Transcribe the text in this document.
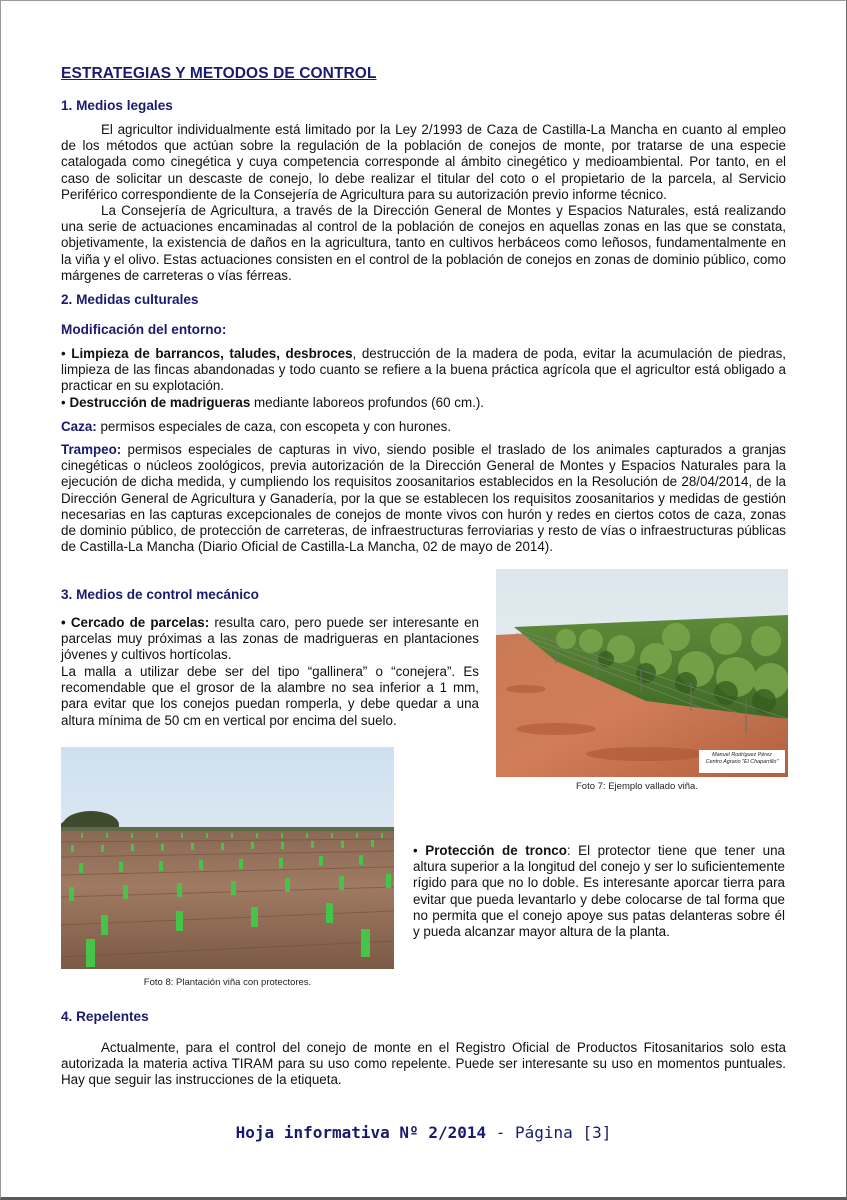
ESTRATEGIAS Y METODOS DE CONTROL
1. Medios legales
El agricultor individualmente está limitado por la Ley 2/1993 de Caza de Castilla-La Mancha en cuanto al empleo de los métodos que actúan sobre la regulación de la población de conejos de monte, por tratarse de una especie catalogada como cinegética y cuya competencia corresponde al ámbito cinegético y medioambiental. Por tanto, en el caso de solicitar un descaste de conejo, lo debe realizar el titular del coto o el propietario de la parcela, al Servicio Periférico correspondiente de la Consejería de Agricultura para su autorización previo informe técnico.
La Consejería de Agricultura, a través de la Dirección General de Montes y Espacios Naturales, está realizando una serie de actuaciones encaminadas al control de la población de conejos en aquellas zonas en las que se constata, objetivamente, la existencia de daños en la agricultura, tanto en cultivos herbáceos como leñosos, fundamentalmente en la viña y el olivo. Estas actuaciones consisten en el control de la población de conejos en zonas de dominio público, como márgenes de carreteras o vías férreas.
2. Medidas culturales
Modificación del entorno:
• Limpieza de barrancos, taludes, desbroces, destrucción de la madera de poda, evitar la acumulación de piedras, limpieza de las fincas abandonadas y todo cuanto se refiere a la buena práctica agrícola que el agricultor está obligado a practicar en su explotación.
• Destrucción de madrigueras mediante laboreos profundos (60 cm.).
Caza: permisos especiales de caza, con escopeta y con hurones.
Trampeo: permisos especiales de capturas in vivo, siendo posible el traslado de los animales capturados a granjas cinegéticas o núcleos zoológicos, previa autorización de la Dirección General de Montes y Espacios Naturales para la ejecución de dicha medida, y cumpliendo los requisitos zoosanitarios establecidos en la Resolución de 28/04/2014, de la Dirección General de Agricultura y Ganadería, por la que se establecen los requisitos zoosanitarios y medidas de gestión necesarias en las capturas excepcionales de conejos de monte vivos con hurón y redes en ciertos cotos de caza, zonas de dominio público, de protección de carreteras, de infraestructuras ferroviarias y resto de vías o infraestructuras públicas de Castilla-La Mancha (Diario Oficial de Castilla-La Mancha, 02 de mayo de 2014).
3. Medios de control mecánico
• Cercado de parcelas: resulta caro, pero puede ser interesante en parcelas muy próximas a las zonas de madrigueras en plantaciones jóvenes y cultivos hortícolas.
La malla a utilizar debe ser del tipo “gallinera” o “conejera”. Es recomendable que el grosor de la alambre no sea inferior a 1 mm, para evitar que los conejos puedan romperla, y debe quedar a una altura mínima de 50 cm en vertical por encima del suelo.
Manuel Rodríguez Pérez
Centro Agrario "El Chaparrillo"
Foto 7: Ejemplo vallado viña.
Foto 8: Plantación viña con protectores.
• Protección de tronco: El protector tiene que tener una altura superior a la longitud del conejo y ser lo suficientemente rígido para que no lo doble. Es interesante aporcar tierra para evitar que pueda levantarlo y debe colocarse de tal forma que no permita que el conejo apoye sus patas delanteras sobre él y pueda alcanzar mayor altura de la planta.
4. Repelentes
Actualmente, para el control del conejo de monte en el Registro Oficial de Productos Fitosanitarios solo esta autorizada la materia activa TIRAM para su uso como repelente. Puede ser interesante su uso en momentos puntuales. Hay que seguir las instrucciones de la etiqueta.
Hoja informativa Nº 2/2014 - Página [3]
